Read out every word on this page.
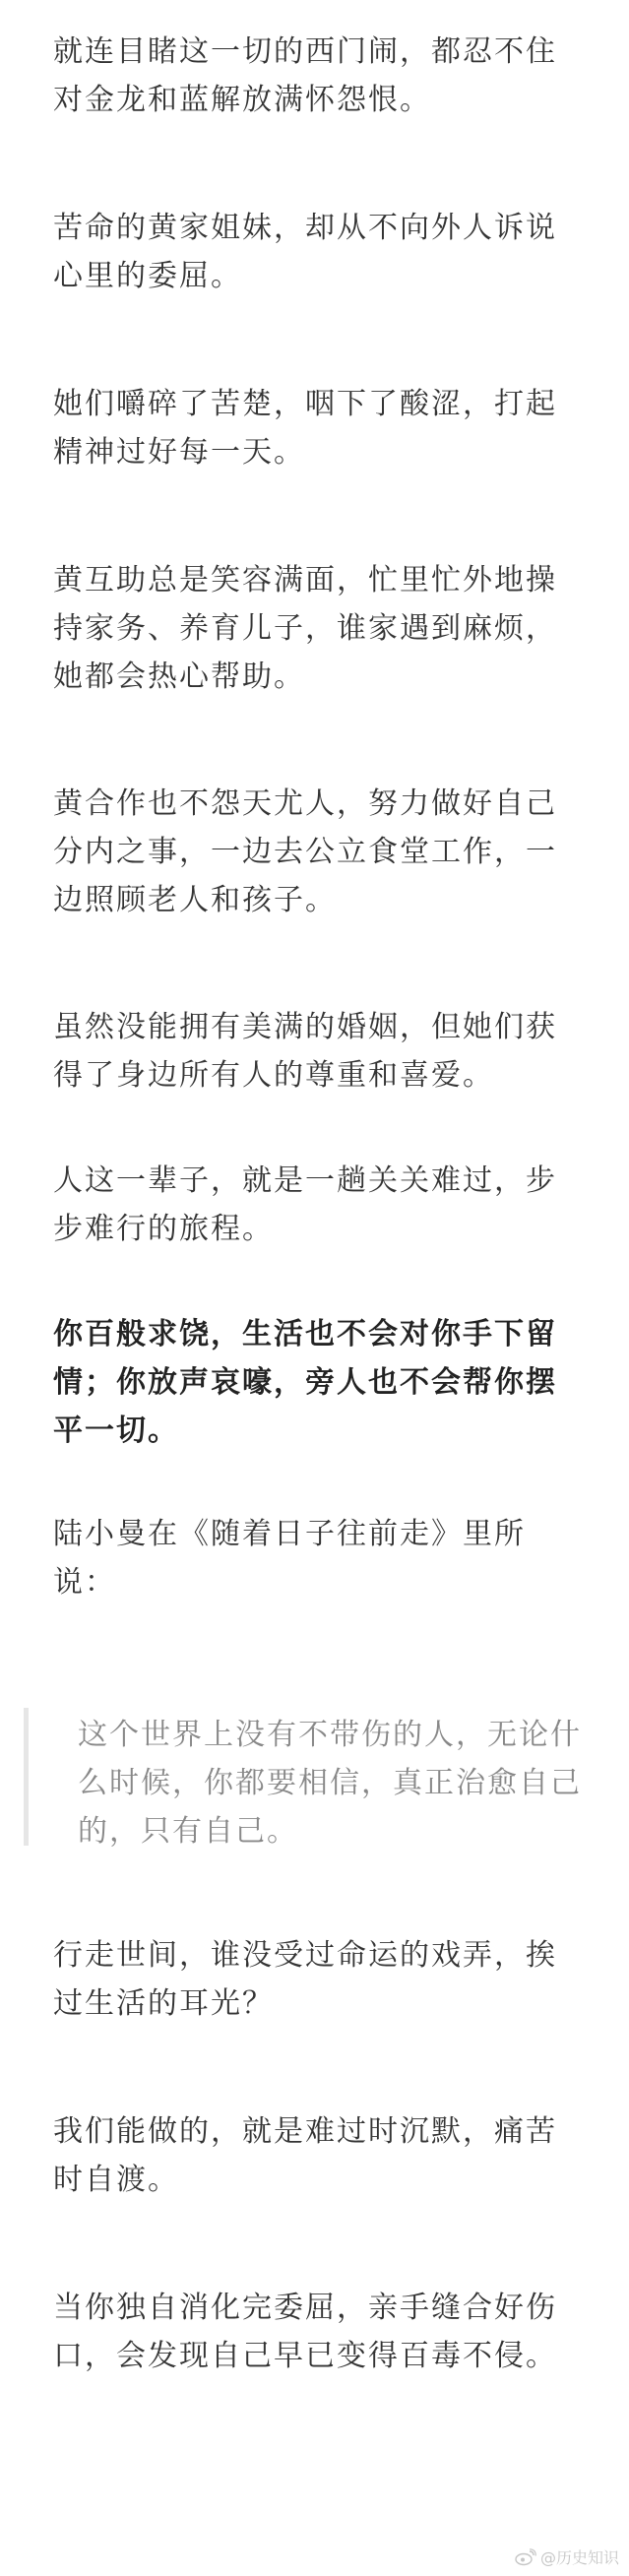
就连目睹这一切的西门闹，都忍不住对金龙和蓝解放满怀怨恨。

苦命的黄家姐妹，却从不向外人诉说心里的委屈。

她们嚼碎了苦楚，咽下了酸涩，打起精神过好每一天。

黄互助总是笑容满面，忙里忙外地操持家务、养育儿子，谁家遇到麻烦，她都会热心帮助。

黄合作也不怨天尤人，努力做好自己分内之事，一边去公立食堂工作，一边照顾老人和孩子。

虽然没能拥有美满的婚姻，但她们获得了身边所有人的尊重和喜爱。

人这一辈子，就是一趟关关难过，步步难行的旅程。

你百般求饶，生活也不会对你手下留情；你放声哀嚎，旁人也不会帮你摆平一切。

陆小曼在《随着日子往前走》里所说：

这个世界上没有不带伤的人，无论什么时候，你都要相信，真正治愈自己的，只有自己。

行走世间，谁没受过命运的戏弄，挨过生活的耳光？

我们能做的，就是难过时沉默，痛苦时自渡。

当你独自消化完委屈，亲手缝合好伤口，会发现自己早已变得百毒不侵。

@历史知识
